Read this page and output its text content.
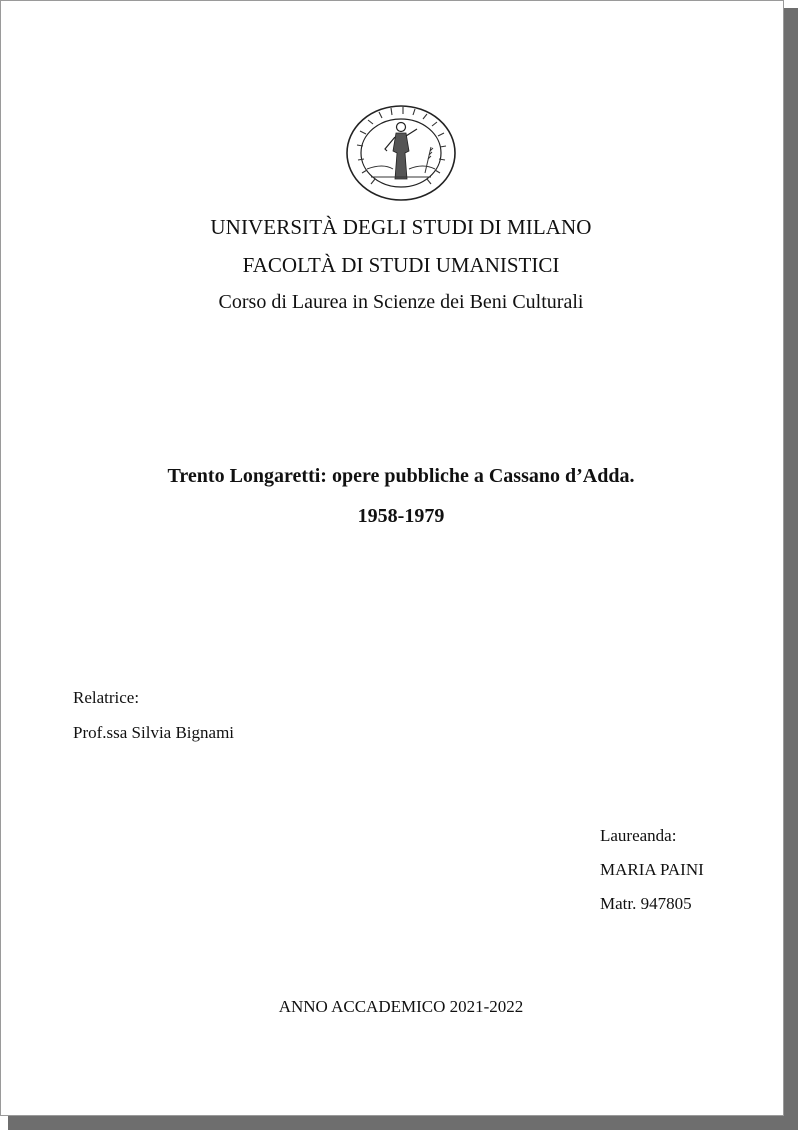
UNIVERSITÀ DEGLI STUDI DI MILANO
FACOLTÀ DI STUDI UMANISTICI
Corso di Laurea in Scienze dei Beni Culturali
Trento Longaretti: opere pubbliche a Cassano d’Adda.
1958-1979
Relatrice:
Prof.ssa Silvia Bignami
Laureanda:
MARIA PAINI
Matr. 947805
ANNO ACCADEMICO 2021-2022
